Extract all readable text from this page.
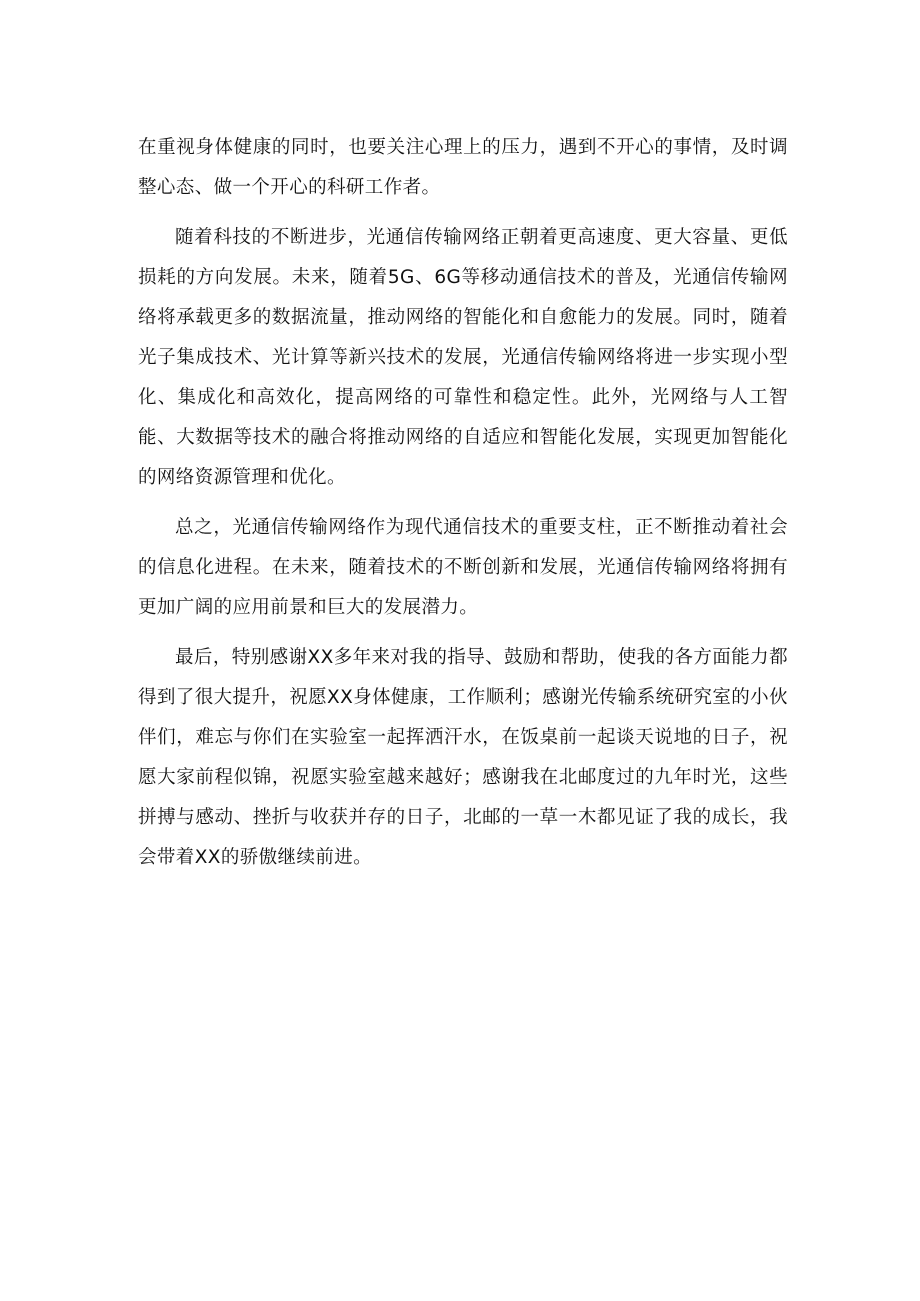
在重视身体健康的同时，也要关注心理上的压力，遇到不开心的事情，及时调整心态、做一个开心的科研工作者。

随着科技的不断进步，光通信传输网络正朝着更高速度、更大容量、更低损耗的方向发展。未来，随着5G、6G等移动通信技术的普及，光通信传输网络将承载更多的数据流量，推动网络的智能化和自愈能力的发展。同时，随着光子集成技术、光计算等新兴技术的发展，光通信传输网络将进一步实现小型化、集成化和高效化，提高网络的可靠性和稳定性。此外，光网络与人工智能、大数据等技术的融合将推动网络的自适应和智能化发展，实现更加智能化的网络资源管理和优化。

总之，光通信传输网络作为现代通信技术的重要支柱，正不断推动着社会的信息化进程。在未来，随着技术的不断创新和发展，光通信传输网络将拥有更加广阔的应用前景和巨大的发展潜力。

最后，特别感谢XX多年来对我的指导、鼓励和帮助，使我的各方面能力都得到了很大提升，祝愿XX身体健康，工作顺利；感谢光传输系统研究室的小伙伴们，难忘与你们在实验室一起挥洒汗水，在饭桌前一起谈天说地的日子，祝愿大家前程似锦，祝愿实验室越来越好；感谢我在北邮度过的九年时光，这些拼搏与感动、挫折与收获并存的日子，北邮的一草一木都见证了我的成长，我会带着XX的骄傲继续前进。
